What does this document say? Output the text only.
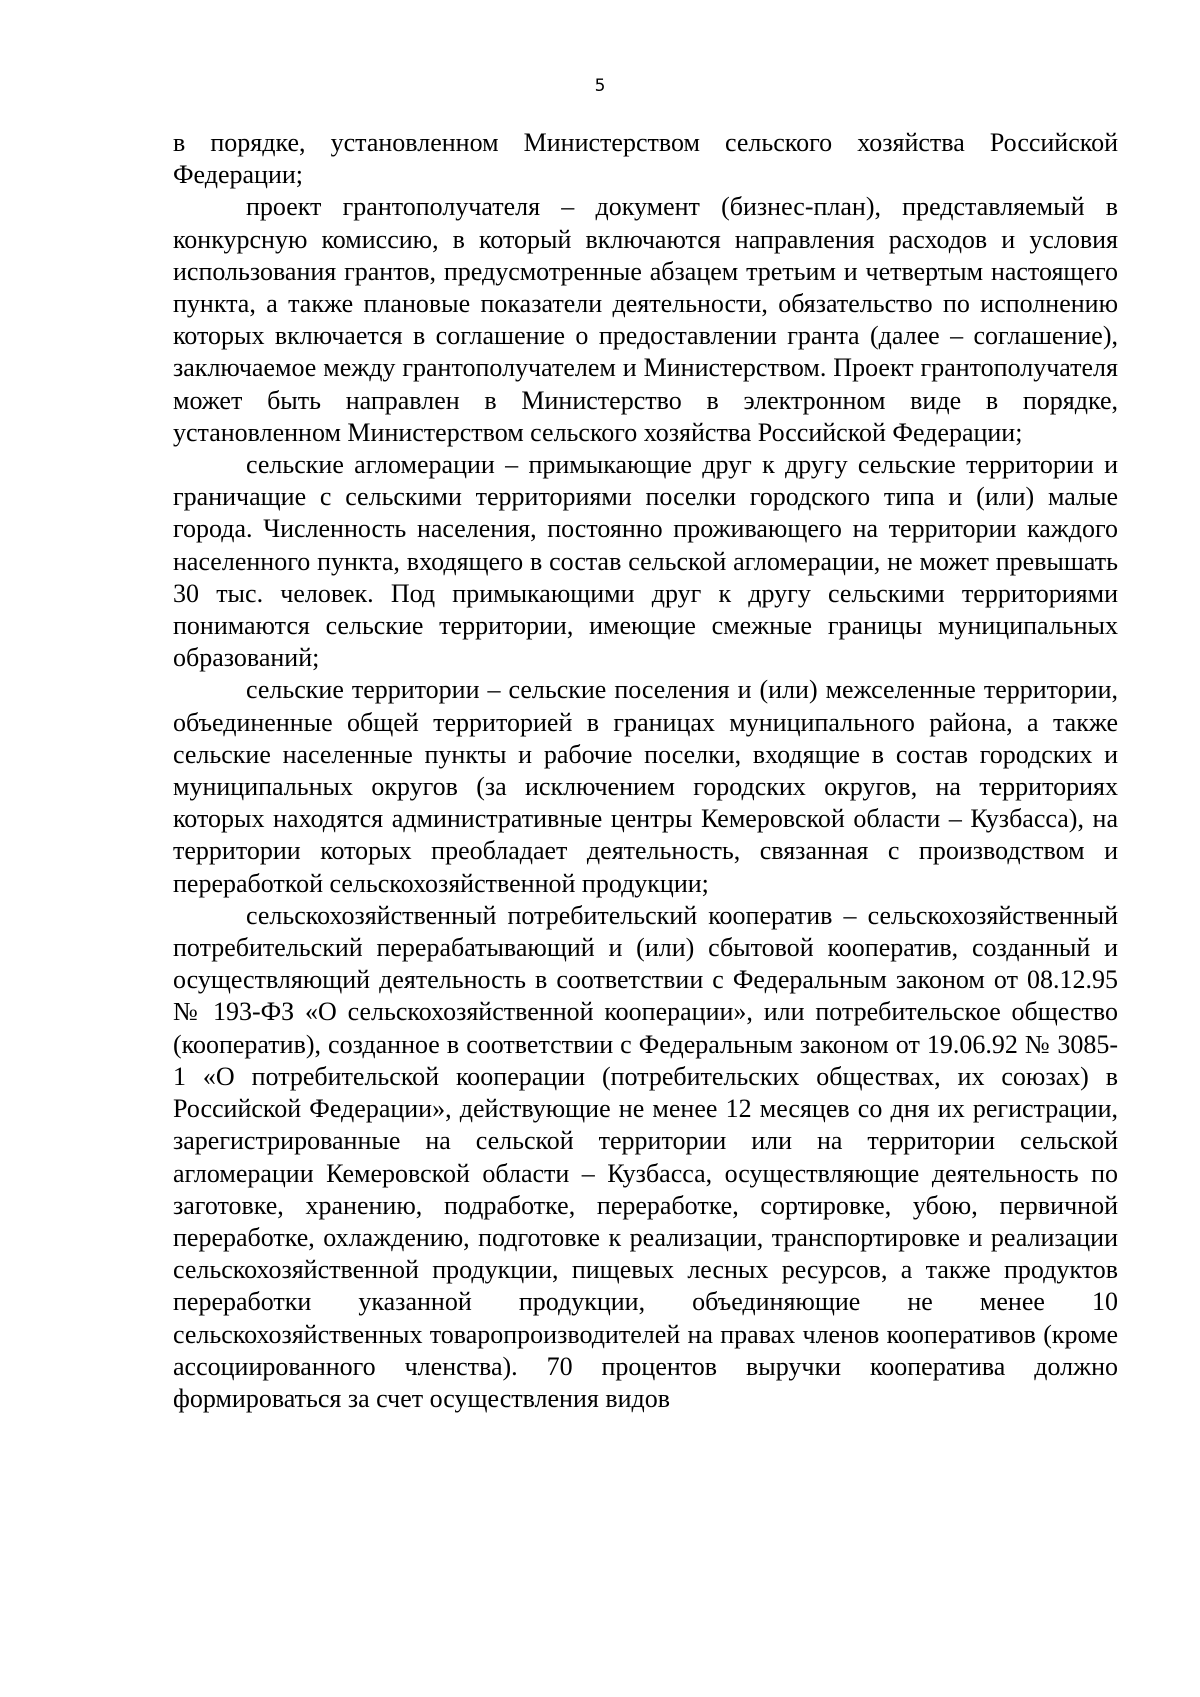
5

в порядке, установленном Министерством сельского хозяйства Российской Федерации;

проект грантополучателя – документ (бизнес-план), представляемый в конкурсную комиссию, в который включаются направления расходов и условия использования грантов, предусмотренные абзацем третьим и четвертым настоящего пункта, а также плановые показатели деятельности, обязательство по исполнению которых включается в соглашение о предоставлении гранта (далее – соглашение), заключаемое между грантополучателем и Министерством. Проект грантополучателя может быть направлен в Министерство в электронном виде в порядке, установленном Министерством сельского хозяйства Российской Федерации;

сельские агломерации – примыкающие друг к другу сельские территории и граничащие с сельскими территориями поселки городского типа и (или) малые города. Численность населения, постоянно проживающего на территории каждого населенного пункта, входящего в состав сельской агломерации, не может превышать 30 тыс. человек. Под примыкающими друг к другу сельскими территориями понимаются сельские территории, имеющие смежные границы муниципальных образований;

сельские территории – сельские поселения и (или) межселенные территории, объединенные общей территорией в границах муниципального района, а также сельские населенные пункты и рабочие поселки, входящие в состав городских и муниципальных округов (за исключением городских округов, на территориях которых находятся административные центры Кемеровской области – Кузбасса), на территории которых преобладает деятельность, связанная с производством и переработкой сельскохозяйственной продукции;

сельскохозяйственный потребительский кооператив – сельскохозяйственный потребительский перерабатывающий и (или) сбытовой кооператив, созданный и осуществляющий деятельность в соответствии с Федеральным законом от 08.12.95 № 193-ФЗ «О сельскохозяйственной кооперации», или потребительское общество (кооператив), созданное в соответствии с Федеральным законом от 19.06.92 № 3085-1 «О потребительской кооперации (потребительских обществах, их союзах) в Российской Федерации», действующие не менее 12 месяцев со дня их регистрации, зарегистрированные на сельской территории или на территории сельской агломерации Кемеровской области – Кузбасса, осуществляющие деятельность по заготовке, хранению, подработке, переработке, сортировке, убою, первичной переработке, охлаждению, подготовке к реализации, транспортировке и реализации сельскохозяйственной продукции, пищевых лесных ресурсов, а также продуктов переработки указанной продукции, объединяющие не менее 10 сельскохозяйственных товаропроизводителей на правах членов кооперативов (кроме ассоциированного членства). 70 процентов выручки кооператива должно формироваться за счет осуществления видов
